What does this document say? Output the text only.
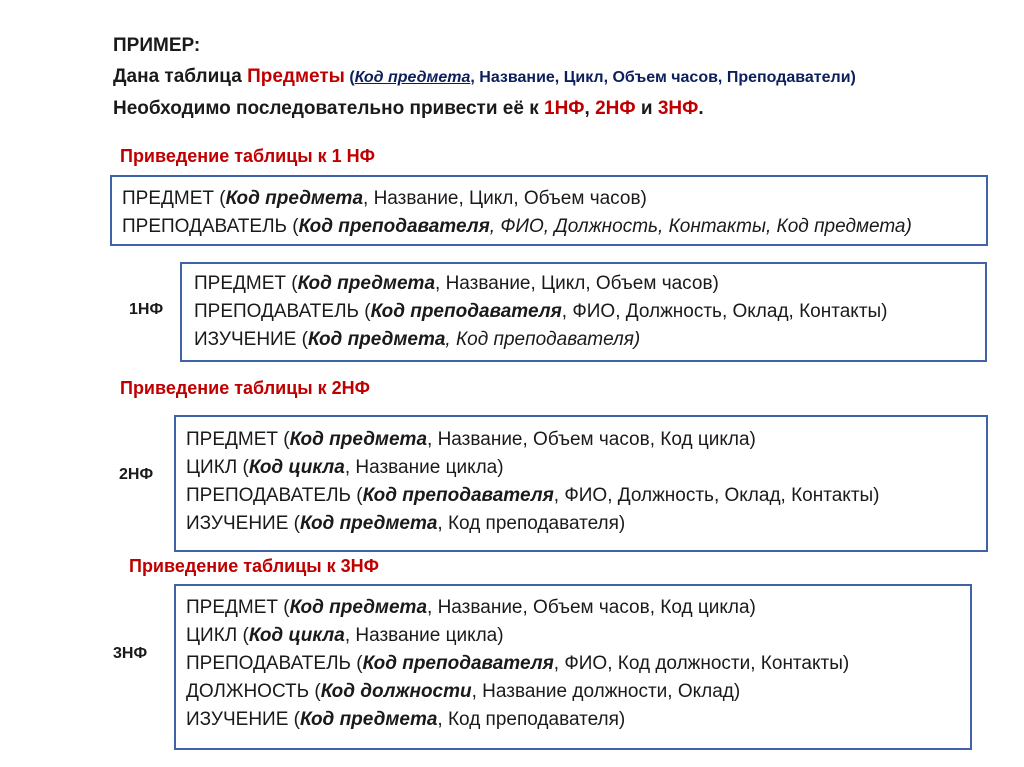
ПРИМЕР:
Дана таблица Предметы (Код предмета, Название, Цикл, Объем часов, Преподаватели)
Необходимо последовательно привести её к 1НФ, 2НФ и 3НФ.
Приведение таблицы к 1 НФ
ПРЕДМЕТ (Код предмета, Название, Цикл, Объем часов)
ПРЕПОДАВАТЕЛЬ (Код преподавателя, ФИО, Должность, Контакты, Код предмета)
1НФ
ПРЕДМЕТ (Код предмета, Название, Цикл, Объем часов)
ПРЕПОДАВАТЕЛЬ (Код преподавателя, ФИО, Должность, Оклад, Контакты)
ИЗУЧЕНИЕ (Код предмета, Код преподавателя)
Приведение таблицы к 2НФ
2НФ
ПРЕДМЕТ (Код предмета, Название, Объем часов, Код цикла)
ЦИКЛ (Код цикла, Название цикла)
ПРЕПОДАВАТЕЛЬ (Код преподавателя, ФИО, Должность, Оклад, Контакты)
ИЗУЧЕНИЕ (Код предмета, Код преподавателя)
Приведение таблицы к 3НФ
3НФ
ПРЕДМЕТ (Код предмета, Название, Объем часов, Код цикла)
ЦИКЛ (Код цикла, Название цикла)
ПРЕПОДАВАТЕЛЬ (Код преподавателя, ФИО, Код должности, Контакты)
ДОЛЖНОСТЬ (Код должности, Название должности, Оклад)
ИЗУЧЕНИЕ (Код предмета, Код преподавателя)
